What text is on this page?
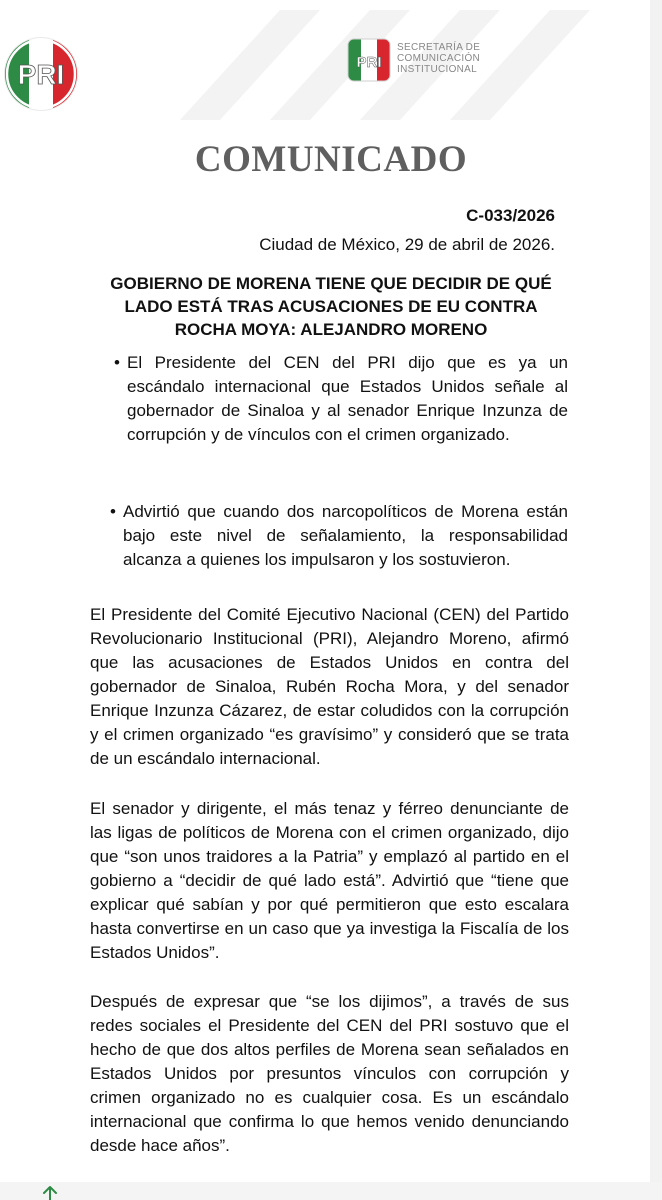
PRI	PRI
SECRETARÍA DE
COMUNICACIÓN
INSTITUCIONAL
COMUNICADO
C-033/2026
Ciudad de México, 29 de abril de 2026.
GOBIERNO DE MORENA TIENE QUE DECIDIR DE QUÉ LADO ESTÁ TRAS ACUSACIONES DE EU CONTRA ROCHA MOYA: ALEJANDRO MORENO
• El Presidente del CEN del PRI dijo que es ya un escándalo internacional que Estados Unidos señale al gobernador de Sinaloa y al senador Enrique Inzunza de corrupción y de vínculos con el crimen organizado.
• Advirtió que cuando dos narcopolíticos de Morena están bajo este nivel de señalamiento, la responsabilidad alcanza a quienes los impulsaron y los sostuvieron.
El Presidente del Comité Ejecutivo Nacional (CEN) del Partido Revolucionario Institucional (PRI), Alejandro Moreno, afirmó que las acusaciones de Estados Unidos en contra del gobernador de Sinaloa, Rubén Rocha Mora, y del senador Enrique Inzunza Cázarez, de estar coludidos con la corrupción y el crimen organizado “es gravísimo” y consideró que se trata de un escándalo internacional.
El senador y dirigente, el más tenaz y férreo denunciante de las ligas de políticos de Morena con el crimen organizado, dijo que “son unos traidores a la Patria” y emplazó al partido en el gobierno a “decidir de qué lado está”. Advirtió que “tiene que explicar qué sabían y por qué permitieron que esto escalara hasta convertirse en un caso que ya investiga la Fiscalía de los Estados Unidos”.
Después de expresar que “se los dijimos”, a través de sus redes sociales el Presidente del CEN del PRI sostuvo que el hecho de que dos altos perfiles de Morena sean señalados en Estados Unidos por presuntos vínculos con corrupción y crimen organizado no es cualquier cosa. Es un escándalo internacional que confirma lo que hemos venido denunciando desde hace años”.
